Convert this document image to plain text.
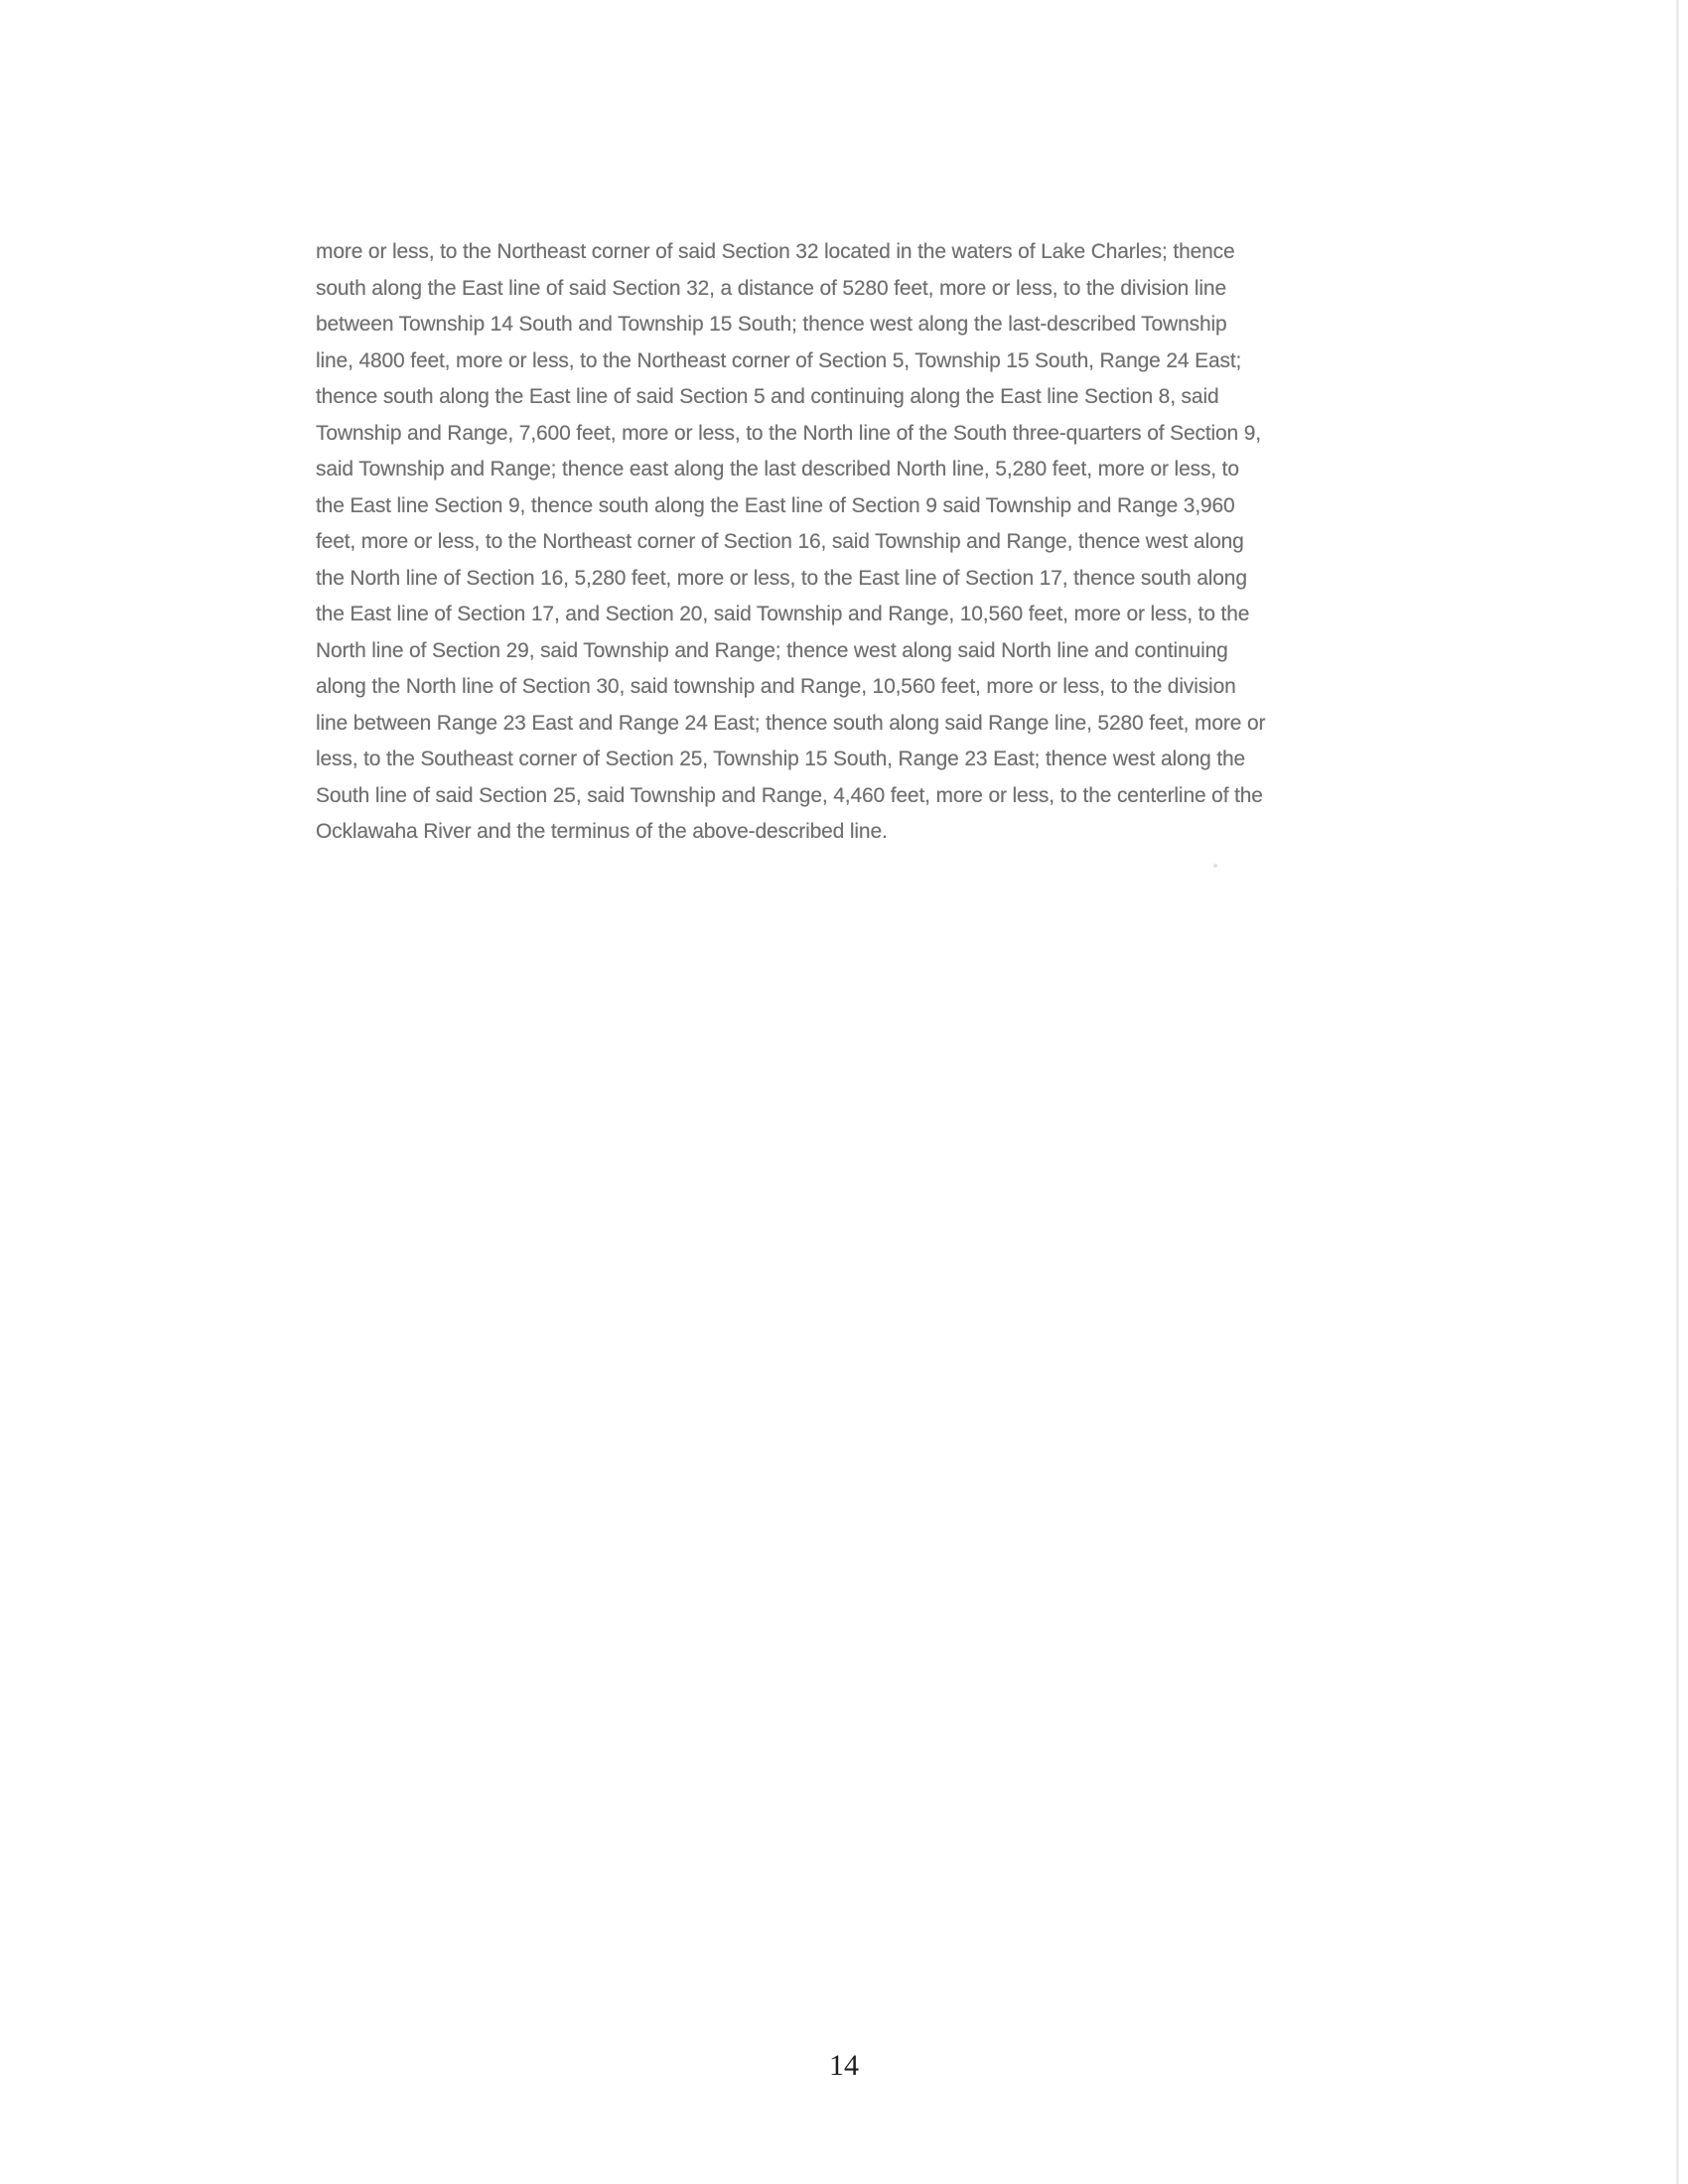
more or less, to the Northeast corner of said Section 32 located in the waters of Lake Charles; thence
south along the East line of said Section 32, a distance of 5280 feet, more or less, to the division line
between Township 14 South and Township 15 South; thence west along the last-described Township
line, 4800 feet, more or less, to the Northeast corner of Section 5, Township 15 South, Range 24 East;
thence south along the East line of said Section 5 and continuing along the East line Section 8, said
Township and Range, 7,600 feet, more or less, to the North line of the South three-quarters of Section 9,
said Township and Range; thence east along the last described North line, 5,280 feet, more or less, to
the East line Section 9, thence south along the East line of Section 9 said Township and Range 3,960
feet, more or less, to the Northeast corner of Section 16, said Township and Range, thence west along
the North line of Section 16, 5,280 feet, more or less, to the East line of Section 17, thence south along
the East line of Section 17, and Section 20, said Township and Range, 10,560 feet, more or less, to the
North line of Section 29, said Township and Range; thence west along said North line and continuing
along the North line of Section 30, said township and Range, 10,560 feet, more or less, to the division
line between Range 23 East and Range 24 East; thence south along said Range line, 5280 feet, more or
less, to the Southeast corner of Section 25, Township 15 South, Range 23 East; thence west along the
South line of said Section 25, said Township and Range, 4,460 feet, more or less, to the centerline of the
Ocklawaha River and the terminus of the above-described line.
14
